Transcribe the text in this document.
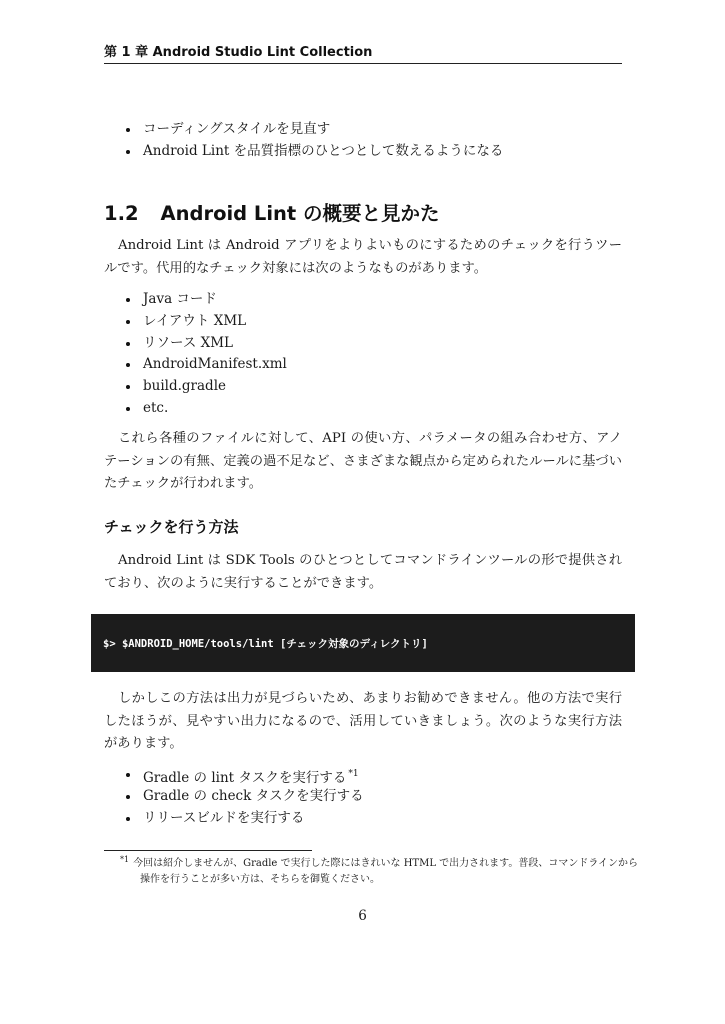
第 1 章 Android Studio Lint Collection
コーディングスタイルを見直す
Android Lint を品質指標のひとつとして数えるようになる
1.2 Android Lint の概要と見かた

Android Lint は Android アプリをよりよいものにするためのチェックを行うツールです。代用的なチェック対象には次のようなものがあります。

Java コード
レイアウト XML
リソース XML
AndroidManifest.xml
build.gradle
etc.

これら各種のファイルに対して、API の使い方、パラメータの組み合わせ方、アノテーションの有無、定義の過不足など、さまざまな観点から定められたルールに基づいたチェックが行われます。

チェックを行う方法

Android Lint は SDK Tools のひとつとしてコマンドラインツールの形で提供されており、次のように実行することができます。

$> $ANDROID_HOME/tools/lint [チェック対象のディレクトリ]

しかしこの方法は出力が見づらいため、あまりお勧めできません。他の方法で実行したほうが、見やすい出力になるので、活用していきましょう。次のような実行方法があります。

Gradle の lint タスクを実行する $^{*1}$
Gradle の check タスクを実行する
リリースビルドを実行する

$^{*1}$ 今回は紹介しませんが、Gradle で実行した際にはきれいな HTML で出力されます。普段、コマンドラインから操作を行うことが多い方は、そちらを御覧ください。

6
